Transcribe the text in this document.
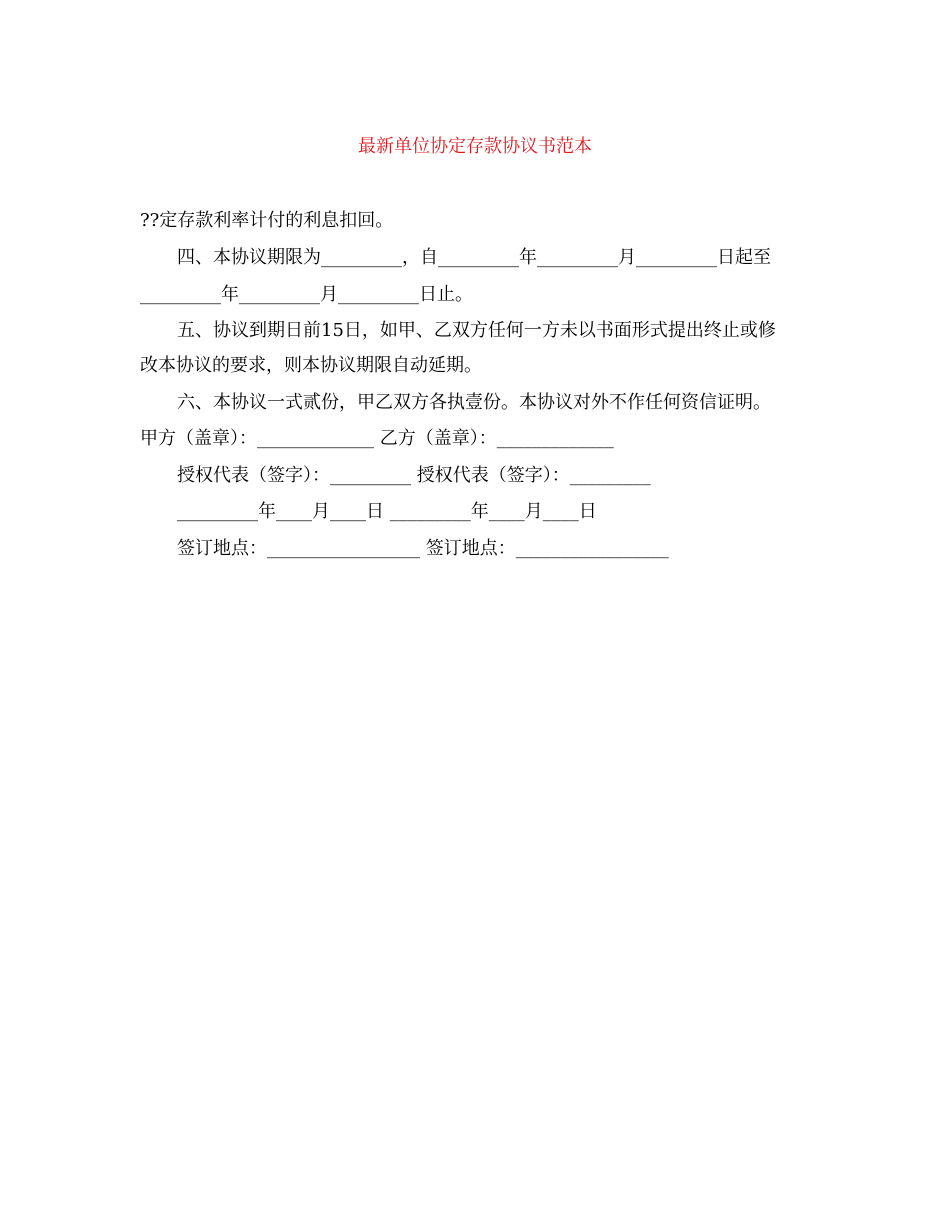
最新单位协定存款协议书范本
??定存款利率计付的利息扣回。
四、本协议期限为_________，自_________年_________月_________日起至
_________年_________月_________日止。
五、协议到期日前15日，如甲、乙双方任何一方未以书面形式提出终止或修
改本协议的要求，则本协议期限自动延期。
六、本协议一式贰份，甲乙双方各执壹份。本协议对外不作任何资信证明。
甲方（盖章）：_____________ 乙方（盖章）：_____________
授权代表（签字）：_________ 授权代表（签字）：_________
_________年____月____日 _________年____月____日
签订地点：_________________ 签订地点：_________________
